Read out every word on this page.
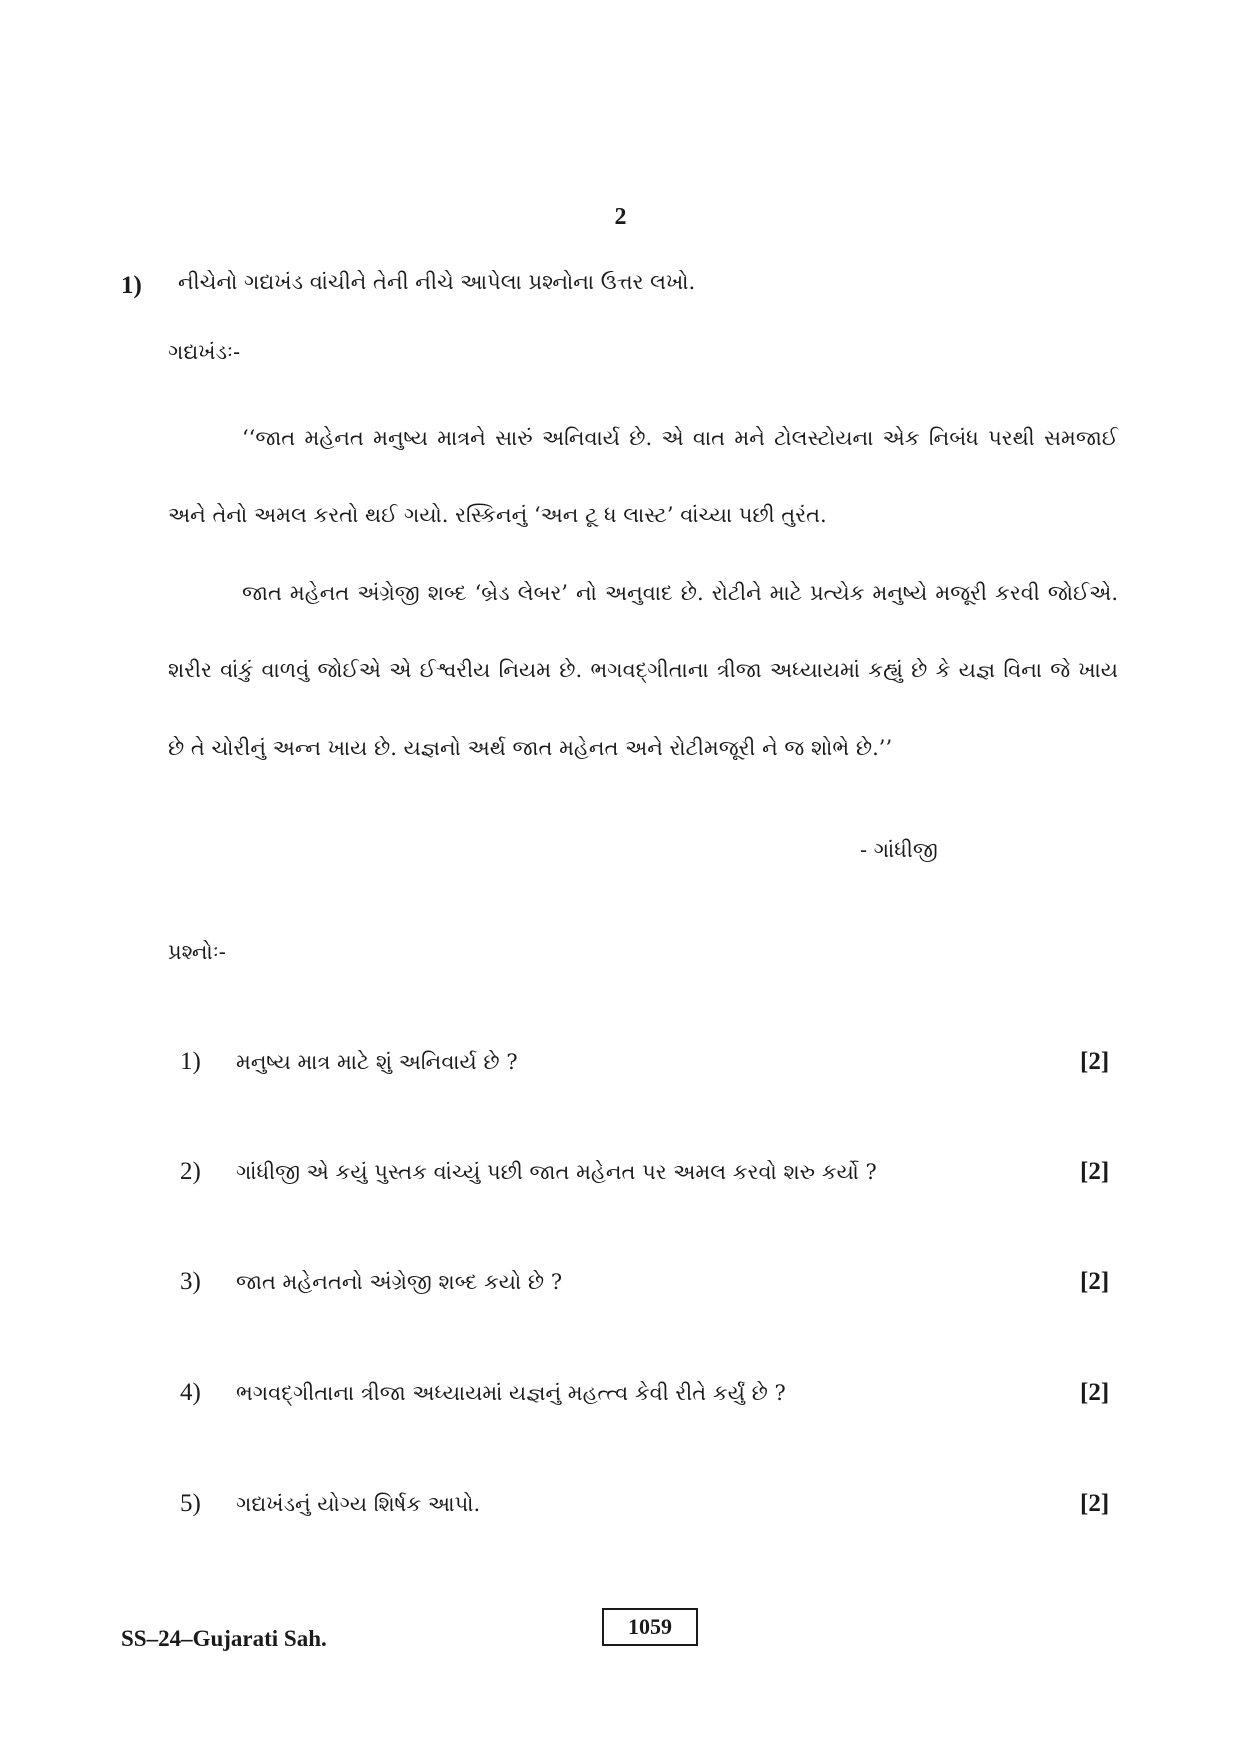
2
1) નીચેનો ગદ્યખંડ વાંચીને તેની નીચે આપેલા પ્રશ્નોના ઉત્તર લખો.
ગદ્યખંડઃ-
‘‘જાત મહેનત મનુષ્ય માત્રને સારું અનિવાર્ય છે. એ વાત મને ટોલસ્ટોયના એક નિબંધ પરથી સમજાઈ
અને તેનો અમલ કરતો થઈ ગયો. રસ્કિનનું ‘અન ટૂ ધ લાસ્ટ’ વાંચ્યા પછી તુરંત.
જાત મહેનત અંગ્રેજી શબ્દ ‘બ્રેડ લેબર’ નો અનુવાદ છે. રોટીને માટે પ્રત્યેક મનુષ્યે મજૂરી કરવી જોઈએ.
શરીર વાંકું વાળવું જોઈએ એ ઈશ્વરીય નિયમ છે. ભગવદ્ગીતાના ત્રીજા અધ્યાયમાં કહ્યું છે કે યજ્ઞ વિના જે ખાય
છે તે ચોરીનું અન્ન ખાય છે. યજ્ઞનો અર્થ જાત મહેનત અને રોટીમજૂરી ને જ શોભે છે.’’
- ગાંધીજી
પ્રશ્નોઃ-
1) મનુષ્ય માત્ર માટે શું અનિવાર્ય છે ?	[2]
2) ગાંધીજી એ કયું પુસ્તક વાંચ્યું પછી જાત મહેનત પર અમલ કરવો શરુ કર્યો ?	[2]
3) જાત મહેનતનો અંગ્રેજી શબ્દ કયો છે ?	[2]
4) ભગવદ્ગીતાના ત્રીજા અધ્યાયમાં યજ્ઞનું મહત્ત્વ કેવી રીતે કર્યું છે ?	[2]
5) ગદ્યખંડનું યોગ્ય શિર્ષક આપો.	[2]
SS–24–Gujarati Sah.	1059
